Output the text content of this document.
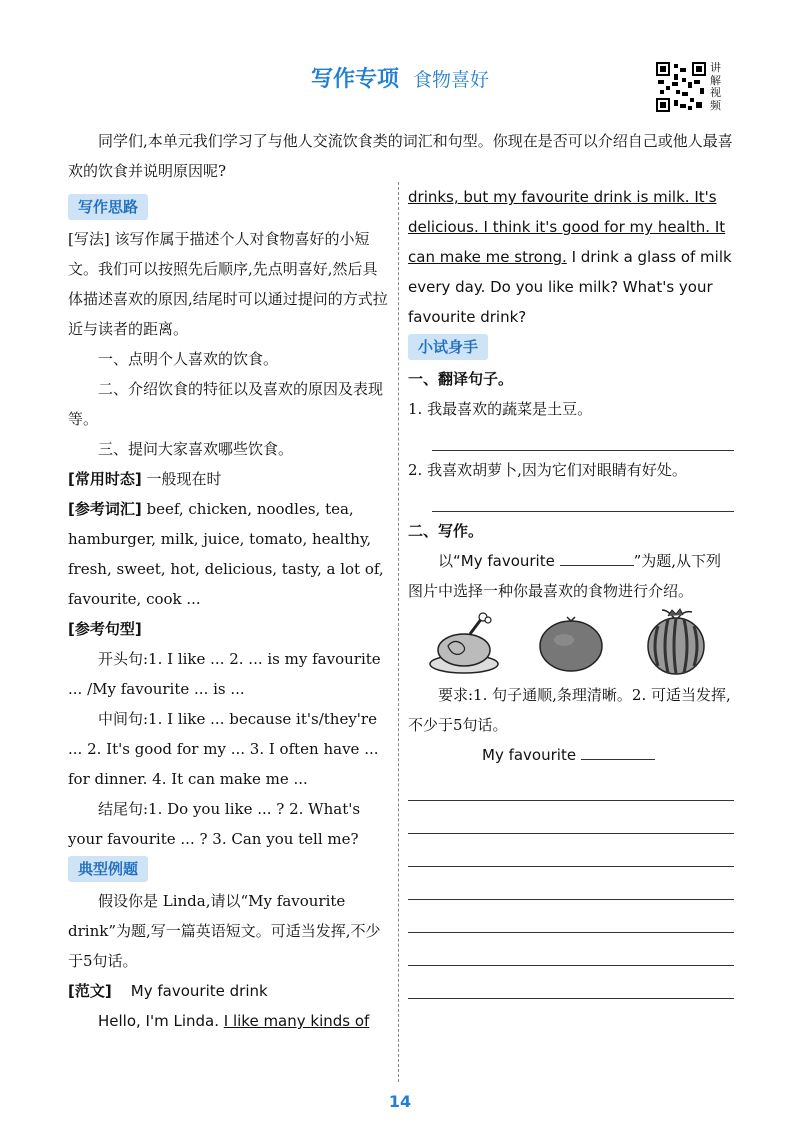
写作专项 食物喜好
讲解视频

同学们,本单元我们学习了与他人交流饮食类的词汇和句型。你现在是否可以介绍自己或他人最喜欢的饮食并说明原因呢?

写作思路

[写法] 该写作属于描述个人对食物喜好的小短文。我们可以按照先后顺序,先点明喜好,然后具体描述喜欢的原因,结尾时可以通过提问的方式拉近与读者的距离。

一、点明个人喜欢的饮食。

二、介绍饮食的特征以及喜欢的原因及表现等。

三、提问大家喜欢哪些饮食。

[常用时态] 一般现在时

[参考词汇] beef, chicken, noodles, tea, hamburger, milk, juice, tomato, healthy, fresh, sweet, hot, delicious, tasty, a lot of, favourite, cook ...

[参考句型]

开头句:1. I like ... 2. ... is my favourite ... /My favourite ... is ...

中间句:1. I like ... because it's/they're ... 2. It's good for my ... 3. I often have ... for dinner. 4. It can make me ...

结尾句:1. Do you like ... ? 2. What's your favourite ... ? 3. Can you tell me?

典型例题

假设你是 Linda,请以“My favourite drink”为题,写一篇英语短文。可适当发挥,不少于5句话。

[范文] My favourite drink

Hello, I'm Linda. I like many kinds of

drinks, but my favourite drink is milk. It's delicious. I think it's good for my health. It can make me strong. I drink a glass of milk every day. Do you like milk? What's your favourite drink?

小试身手

一、翻译句子。

1. 我最喜欢的蔬菜是土豆。

2. 我喜欢胡萝卜,因为它们对眼睛有好处。

二、写作。

以“My favourite	”为题,从下列图片中选择一种你最喜欢的食物进行介绍。

要求:1. 句子通顺,条理清晰。2. 可适当发挥,不少于5句话。

My favourite

14
